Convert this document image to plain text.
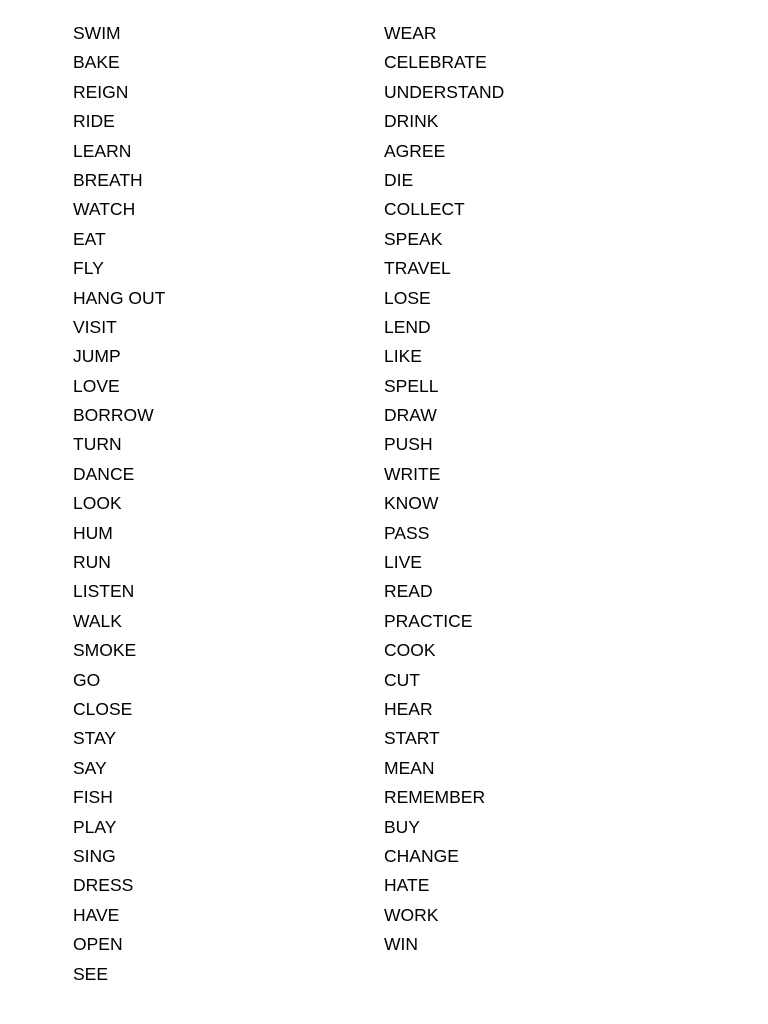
SWIM
BAKE
REIGN
RIDE
LEARN
BREATH
WATCH
EAT
FLY
HANG OUT
VISIT
JUMP
LOVE
BORROW
TURN
DANCE
LOOK
HUM
RUN
LISTEN
WALK
SMOKE
GO
CLOSE
STAY
SAY
FISH
PLAY
SING
DRESS
HAVE
OPEN
SEE
WEAR
CELEBRATE
UNDERSTAND
DRINK
AGREE
DIE
COLLECT
SPEAK
TRAVEL
LOSE
LEND
LIKE
SPELL
DRAW
PUSH
WRITE
KNOW
PASS
LIVE
READ
PRACTICE
COOK
CUT
HEAR
START
MEAN
REMEMBER
BUY
CHANGE
HATE
WORK
WIN
